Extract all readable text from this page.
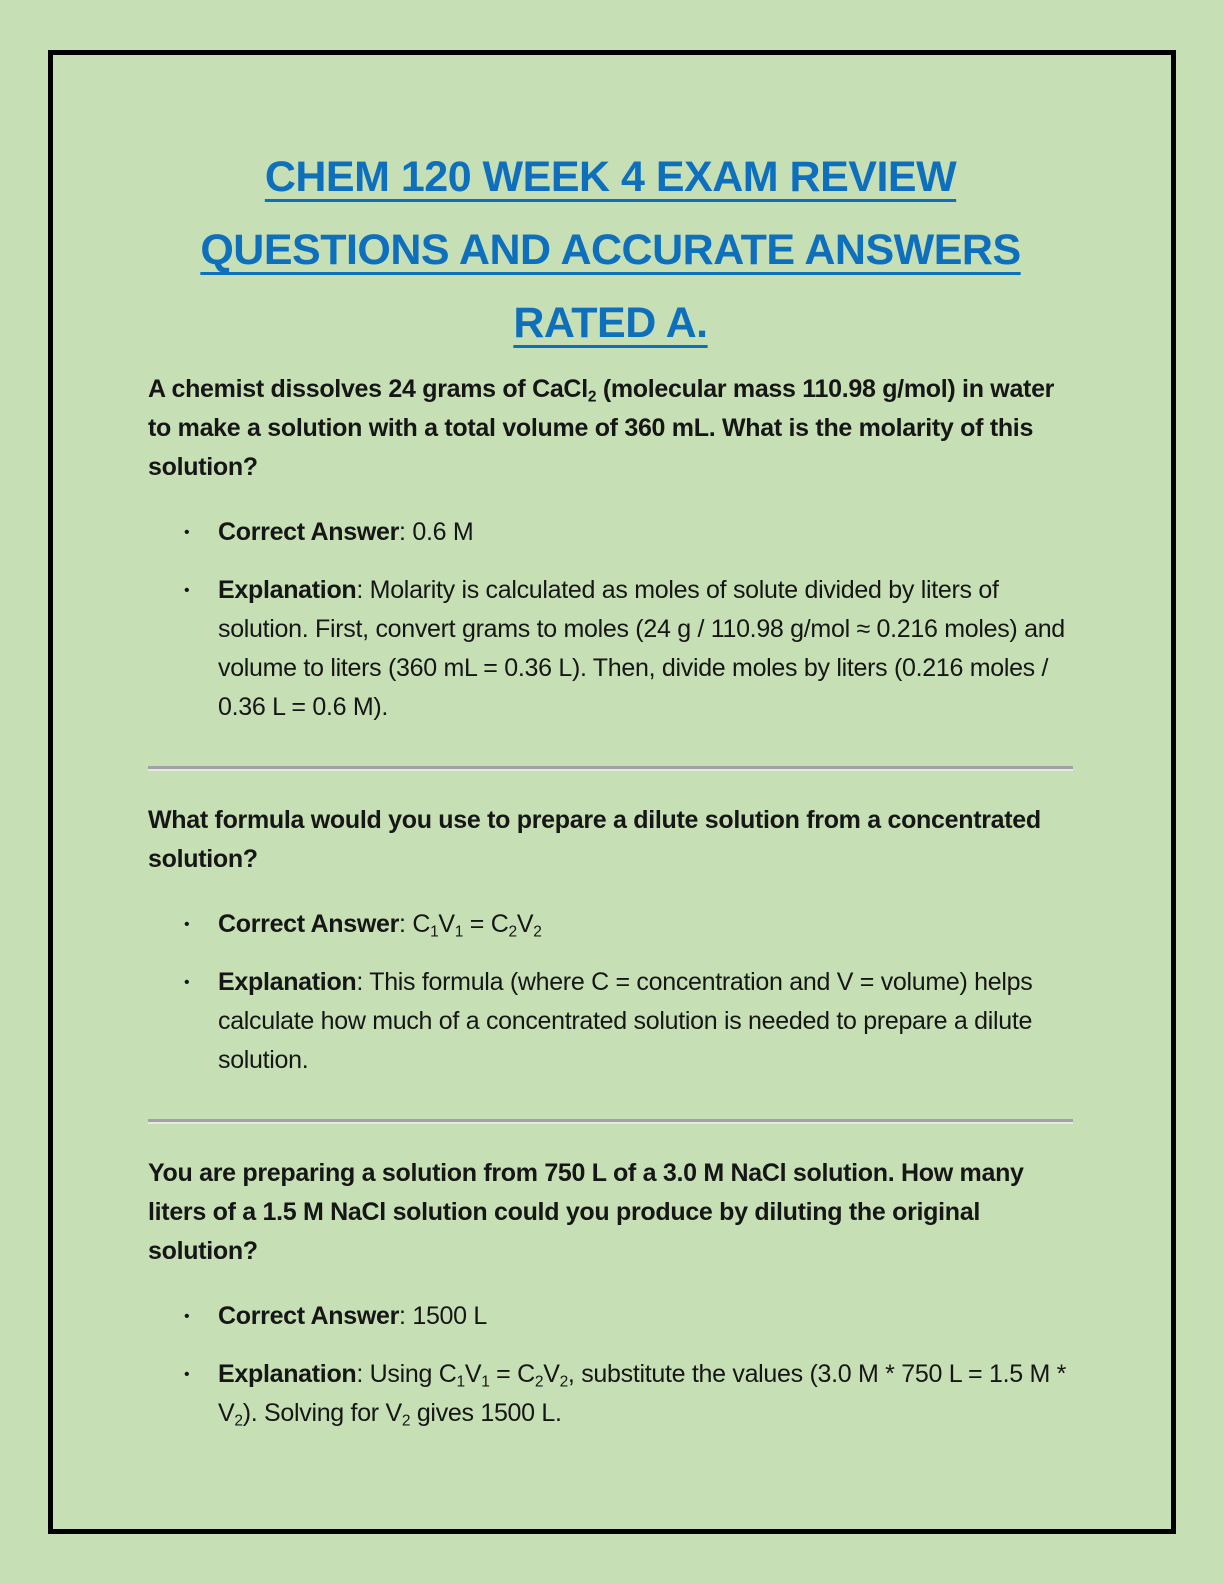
CHEM 120 WEEK 4 EXAM REVIEW
QUESTIONS AND ACCURATE ANSWERS
RATED A.

A chemist dissolves 24 grams of CaCl$_2$ (molecular mass 110.98 g/mol) in water to make a solution with a total volume of 360 mL. What is the molarity of this solution?

•	Correct Answer: 0.6 M
•	Explanation: Molarity is calculated as moles of solute divided by liters of solution. First, convert grams to moles (24 g / 110.98 g/mol ≈ 0.216 moles) and volume to liters (360 mL = 0.36 L). Then, divide moles by liters (0.216 moles / 0.36 L = 0.6 M).

What formula would you use to prepare a dilute solution from a concentrated solution?

•	Correct Answer: $C_1V_1 = C_2V_2$
•	Explanation: This formula (where C = concentration and V = volume) helps calculate how much of a concentrated solution is needed to prepare a dilute solution.

You are preparing a solution from 750 L of a 3.0 M NaCl solution. How many liters of a 1.5 M NaCl solution could you produce by diluting the original solution?

•	Correct Answer: 1500 L
•	Explanation: Using $C_1V_1 = C_2V_2$, substitute the values (3.0 M * 750 L = 1.5 M * $V_2$). Solving for $V_2$ gives 1500 L.
